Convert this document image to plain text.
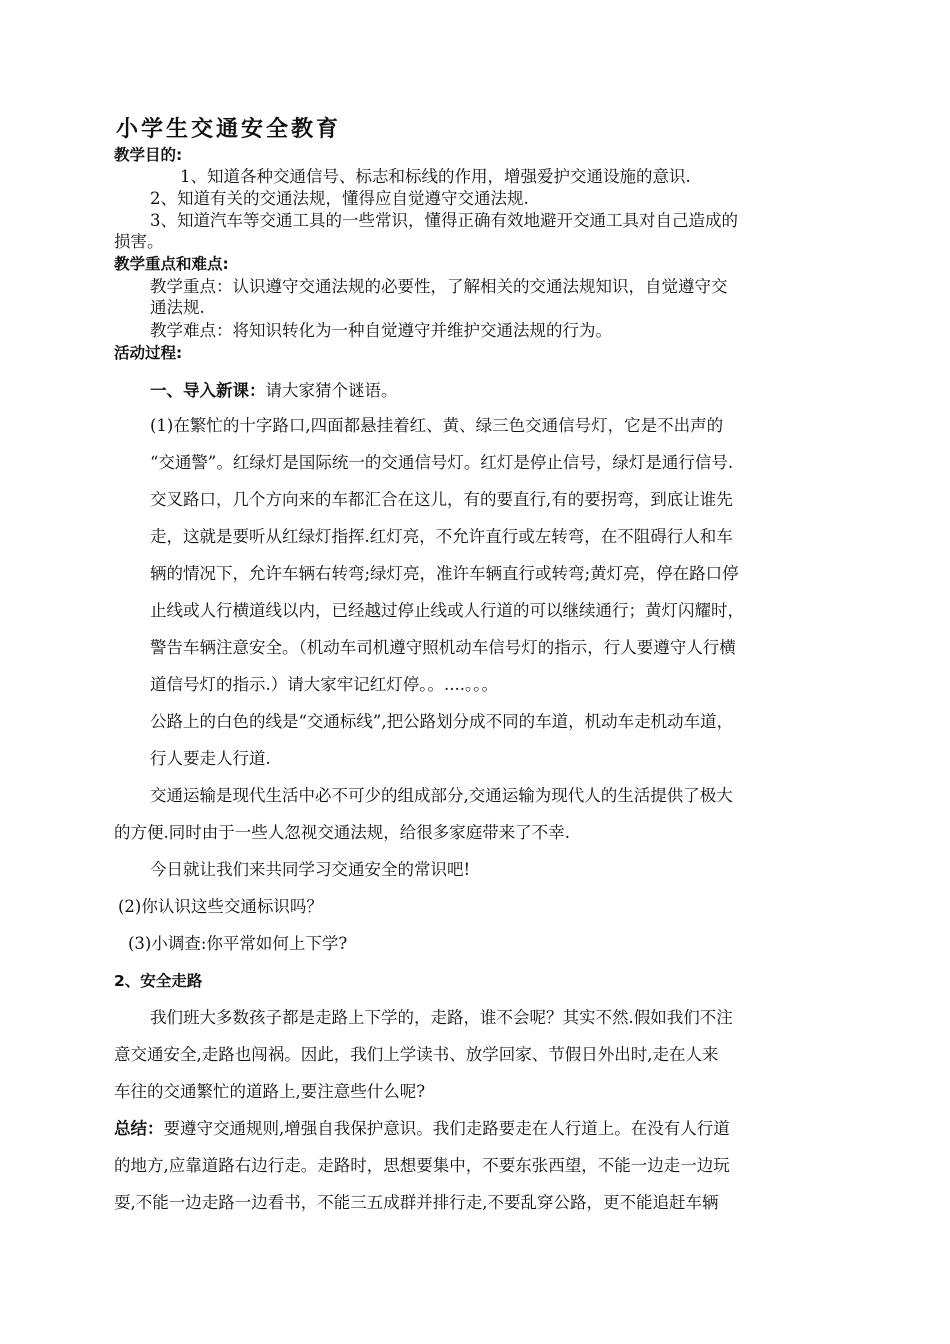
小学生交通安全教育
教学目的:
1、知道各种交通信号、标志和标线的作用，增强爱护交通设施的意识.
2、知道有关的交通法规，懂得应自觉遵守交通法规.
3、知道汽车等交通工具的一些常识，懂得正确有效地避开交通工具对自己造成的
损害。
教学重点和难点:
教学重点：认识遵守交通法规的必要性，了解相关的交通法规知识，自觉遵守交
通法规.
教学难点：将知识转化为一种自觉遵守并维护交通法规的行为。
活动过程:
一、导入新课：请大家猜个谜语。
(1)在繁忙的十字路口,四面都悬挂着红、黄、绿三色交通信号灯，它是不出声的
“交通警”。红绿灯是国际统一的交通信号灯。红灯是停止信号，绿灯是通行信号.
交叉路口，几个方向来的车都汇合在这儿，有的要直行,有的要拐弯，到底让谁先
走，这就是要听从红绿灯指挥.红灯亮，不允许直行或左转弯，在不阻碍行人和车
辆的情况下，允许车辆右转弯;绿灯亮，准许车辆直行或转弯;黄灯亮，停在路口停
止线或人行横道线以内，已经越过停止线或人行道的可以继续通行；黄灯闪耀时，
警告车辆注意安全。（机动车司机遵守照机动车信号灯的指示，行人要遵守人行横
道信号灯的指示.）请大家牢记红灯停。。....。。。
公路上的白色的线是“交通标线”,把公路划分成不同的车道，机动车走机动车道，
行人要走人行道.
交通运输是现代生活中必不可少的组成部分,交通运输为现代人的生活提供了极大
的方便.同时由于一些人忽视交通法规，给很多家庭带来了不幸.
今日就让我们来共同学习交通安全的常识吧!
(2)你认识这些交通标识吗？
(3)小调查:你平常如何上下学?
2、安全走路
我们班大多数孩子都是走路上下学的，走路，谁不会呢？其实不然.假如我们不注
意交通安全,走路也闯祸。因此，我们上学读书、放学回家、节假日外出时,走在人来
车往的交通繁忙的道路上,要注意些什么呢?
总结：要遵守交通规则,增强自我保护意识。我们走路要走在人行道上。在没有人行道
的地方,应靠道路右边行走。走路时，思想要集中，不要东张西望，不能一边走一边玩
耍,不能一边走路一边看书，不能三五成群并排行走,不要乱穿公路，更不能追赶车辆
